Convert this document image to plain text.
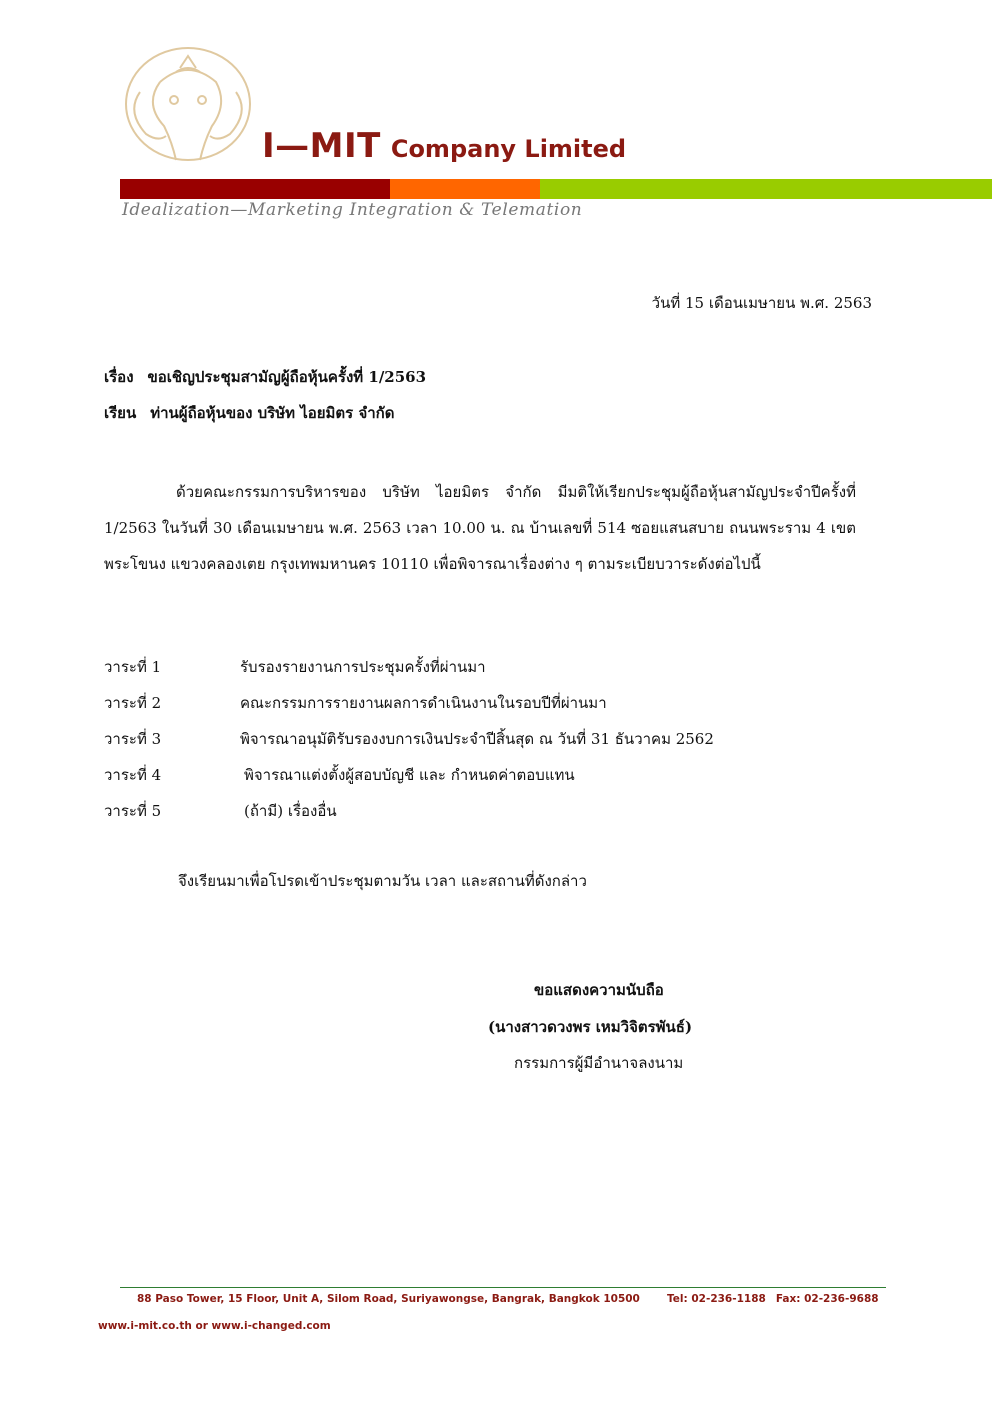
I—MIT Company Limited
Idealization—Marketing Integration & Telemation
วันที่ 15 เดือนเมษายน พ.ศ. 2563
เรื่อง ขอเชิญประชุมสามัญผู้ถือหุ้นครั้งที่ 1/2563
เรียน ท่านผู้ถือหุ้นของ บริษัท ไอยมิตร จำกัด
ด้วยคณะกรรมการบริหารของ บริษัท ไอยมิตร จำกัด มีมติให้เรียกประชุมผู้ถือหุ้นสามัญประจำปีครั้งที่ 1/2563 ในวันที่ 30 เดือนเมษายน พ.ศ. 2563 เวลา 10.00 น. ณ บ้านเลขที่ 514 ซอยแสนสบาย ถนนพระราม 4 เขตพระโขนง แขวงคลองเตย กรุงเทพมหานคร 10110 เพื่อพิจารณาเรื่องต่าง ๆ ตามระเบียบวาระดังต่อไปนี้
วาระที่ 1	รับรองรายงานการประชุมครั้งที่ผ่านมา
วาระที่ 2	คณะกรรมการรายงานผลการดำเนินงานในรอบปีที่ผ่านมา
วาระที่ 3	พิจารณาอนุมัติรับรองงบการเงินประจำปีสิ้นสุด ณ วันที่ 31 ธันวาคม 2562
วาระที่ 4	พิจารณาแต่งตั้งผู้สอบบัญชี และ กำหนดค่าตอบแทน
วาระที่ 5	(ถ้ามี) เรื่องอื่น
จึงเรียนมาเพื่อโปรดเข้าประชุมตามวัน เวลา และสถานที่ดังกล่าว
ขอแสดงความนับถือ
(นางสาวดวงพร เหมวิจิตรพันธ์)
กรรมการผู้มีอำนาจลงนาม
88 Paso Tower, 15 Floor, Unit A, Silom Road, Suriyawongse, Bangrak, Bangkok 10500	Tel: 02-236-1188 Fax: 02-236-9688
www.i-mit.co.th or www.i-changed.com
